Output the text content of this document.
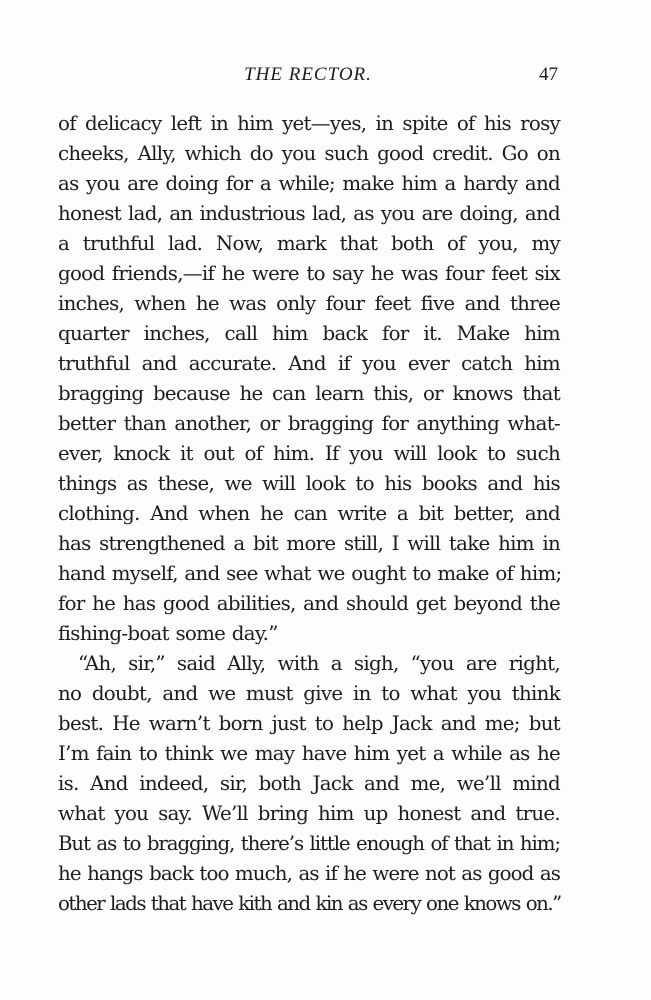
THE RECTOR.	47
of delicacy left in him yet—yes, in spite of his rosy
cheeks, Ally, which do you such good credit. Go on
as you are doing for a while; make him a hardy and
honest lad, an industrious lad, as you are doing, and
a truthful lad. Now, mark that both of you, my
good friends,—if he were to say he was four feet six
inches, when he was only four feet five and three
quarter inches, call him back for it. Make him
truthful and accurate. And if you ever catch him
bragging because he can learn this, or knows that
better than another, or bragging for anything what-
ever, knock it out of him. If you will look to such
things as these, we will look to his books and his
clothing. And when he can write a bit better, and
has strengthened a bit more still, I will take him in
hand myself, and see what we ought to make of him;
for he has good abilities, and should get beyond the
fishing-boat some day.”
“Ah, sir,” said Ally, with a sigh, “you are right,
no doubt, and we must give in to what you think
best. He warn’t born just to help Jack and me; but
I’m fain to think we may have him yet a while as he
is. And indeed, sir, both Jack and me, we’ll mind
what you say. We’ll bring him up honest and true.
But as to bragging, there’s little enough of that in him;
he hangs back too much, as if he were not as good as
other lads that have kith and kin as every one knows on.”
